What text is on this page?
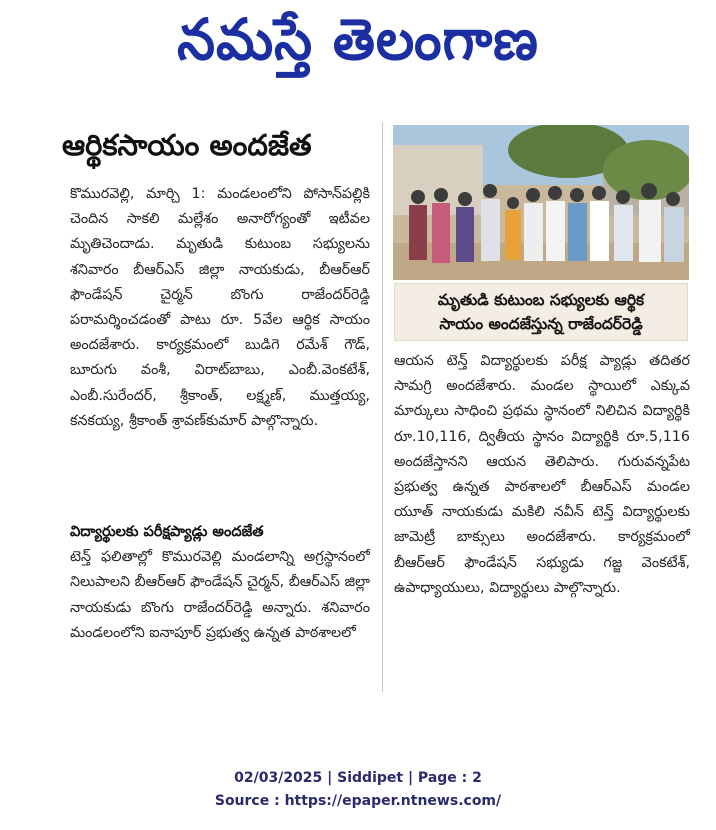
నమస్తే తెలంగాణ
ఆర్థికసాయం అందజేత

కొమురవెల్లి, మార్చి 1: మండలంలోని పోసాన్‌పల్లికి చెందిన సాకలి మల్లేశం అనారోగ్యంతో ఇటీవల మృతిచెందాడు. మృతుడి కుటుంబ సభ్యులను శనివారం బీఆర్‌ఎస్ జిల్లా నాయకుడు, బీఆర్‌ఆర్ ఫౌండేషన్ చైర్మన్ బొంగు రాజేందర్‌రెడ్డి పరామర్శించడంతో పాటు రూ. 5వేల ఆర్థిక సాయం అందజేశారు. కార్యక్రమంలో బుడిగె రమేశ్ గౌడ్, బూరుగు వంశీ, విరాట్‌బాబు, ఎంబీ.వెంకటేశ్, ఎంబీ.సురేందర్, శ్రీకాంత్, లక్ష్మణ్, ముత్తయ్య, కనకయ్య, శ్రీకాంత్ శ్రావణ్‌కుమార్ పాల్గొన్నారు.

విద్యార్థులకు పరీక్షప్యాడ్లు అందజేత

టెన్త్ ఫలితాల్లో కొమురవెల్లి మండలాన్ని అగ్రస్థానంలో నిలుపాలని బీఆర్‌ఆర్ ఫౌండేషన్ చైర్మన్, బీఆర్‌ఎస్ జిల్లా నాయకుడు బొంగు రాజేందర్‌రెడ్డి అన్నారు. శనివారం మండలంలోని ఐనాపూర్ ప్రభుత్వ ఉన్నత పాఠశాలలో

మృతుడి కుటుంబ సభ్యులకు ఆర్థిక
సాయం అందజేస్తున్న రాజేందర్‌రెడ్డి

ఆయన టెన్త్ విద్యార్థులకు పరీక్ష ప్యాడ్లు తదితర సామగ్రి అందజేశారు. మండల స్థాయిలో ఎక్కువ మార్కులు సాధించి ప్రథమ స్థానంలో నిలిచిన విద్యార్థికి రూ.10,116, ద్వితీయ స్థానం విద్యార్థికి రూ.5,116 అందజేస్తానని ఆయన తెలిపారు. గురువన్నపేట ప్రభుత్వ ఉన్నత పాఠశాలలో బీఆర్‌ఎస్ మండల యూత్ నాయకుడు మకిలి నవీన్ టెన్త్ విద్యార్థులకు జామెట్రీ బాక్సులు అందజేశారు. కార్యక్రమంలో బీఆర్‌ఆర్ ఫౌండేషన్ సభ్యుడు గజ్జ వెంకటేశ్, ఉపాధ్యాయులు, విద్యార్థులు పాల్గొన్నారు.

02/03/2025 | Siddipet | Page : 2
Source : https://epaper.ntnews.com/
